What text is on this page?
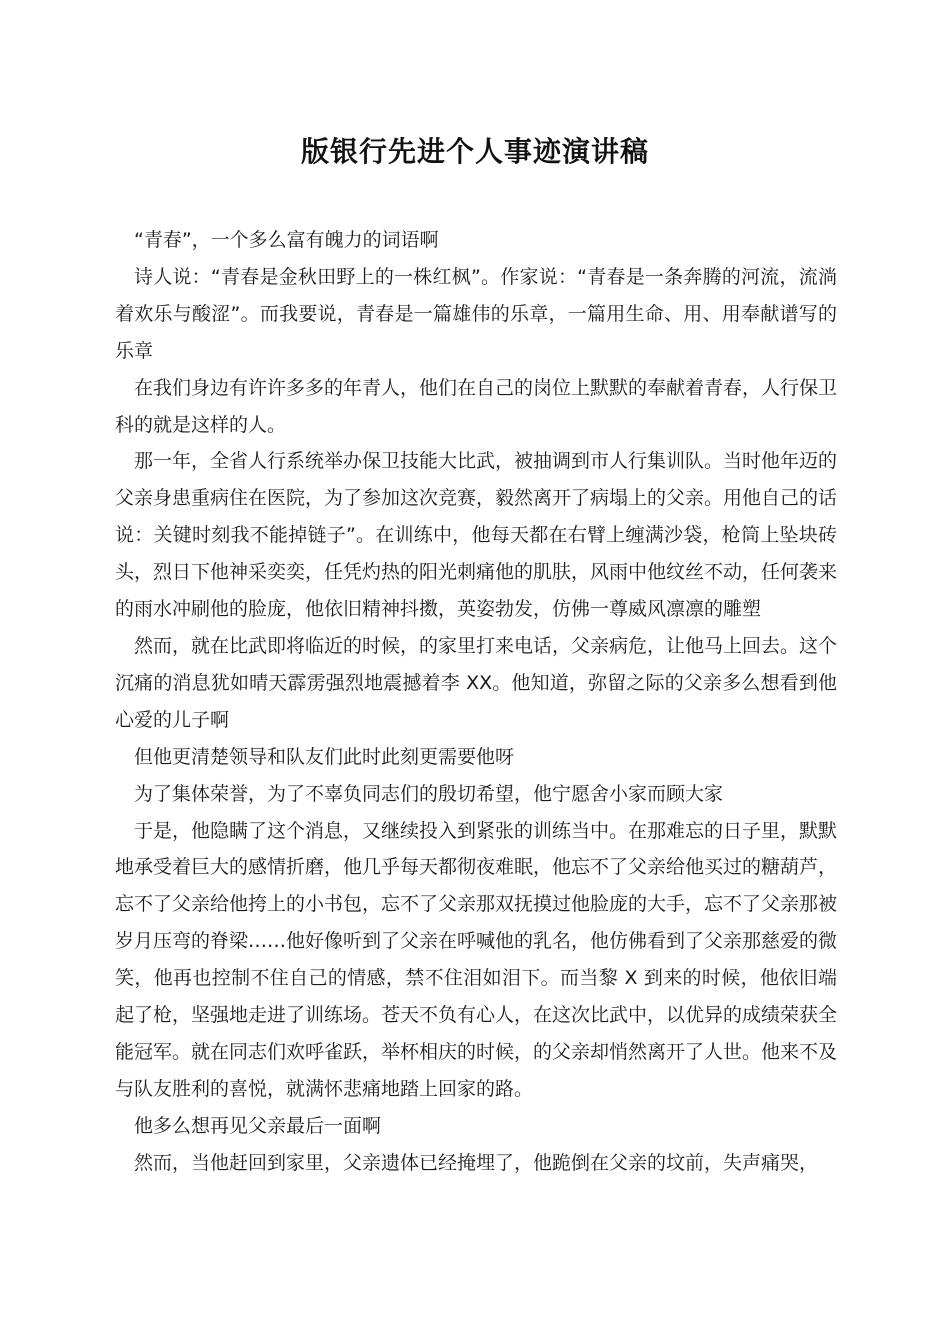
版银行先进个人事迹演讲稿

“青春”，一个多么富有魄力的词语啊

诗人说：“青春是金秋田野上的一株红枫”。作家说：“青春是一条奔腾的河流，流淌着欢乐与酸涩”。而我要说，青春是一篇雄伟的乐章，一篇用生命、用、用奉献谱写的乐章

在我们身边有许许多多的年青人，他们在自己的岗位上默默的奉献着青春，人行保卫科的就是这样的人。

那一年，全省人行系统举办保卫技能大比武，被抽调到市人行集训队。当时他年迈的父亲身患重病住在医院，为了参加这次竞赛，毅然离开了病塌上的父亲。用他自己的话说：关键时刻我不能掉链子”。在训练中，他每天都在右臂上缠满沙袋，枪筒上坠块砖头，烈日下他神采奕奕，任凭灼热的阳光刺痛他的肌肤，风雨中他纹丝不动，任何袭来的雨水冲刷他的脸庞，他依旧精神抖擞，英姿勃发，仿佛一尊威风凛凛的雕塑

然而，就在比武即将临近的时候，的家里打来电话，父亲病危，让他马上回去。这个沉痛的消息犹如晴天霹雳强烈地震撼着李 XX。他知道，弥留之际的父亲多么想看到他心爱的儿子啊

但他更清楚领导和队友们此时此刻更需要他呀

为了集体荣誉，为了不辜负同志们的殷切希望，他宁愿舍小家而顾大家

于是，他隐瞒了这个消息，又继续投入到紧张的训练当中。在那难忘的日子里，默默地承受着巨大的感情折磨，他几乎每天都彻夜难眠，他忘不了父亲给他买过的糖葫芦，忘不了父亲给他挎上的小书包，忘不了父亲那双抚摸过他脸庞的大手，忘不了父亲那被岁月压弯的脊梁……他好像听到了父亲在呼喊他的乳名，他仿佛看到了父亲那慈爱的微笑，他再也控制不住自己的情感，禁不住泪如泪下。而当黎 X 到来的时候，他依旧端起了枪，坚强地走进了训练场。苍天不负有心人，在这次比武中，以优异的成绩荣获全能冠军。就在同志们欢呼雀跃，举杯相庆的时候，的父亲却悄然离开了人世。他来不及与队友胜利的喜悦，就满怀悲痛地踏上回家的路。

他多么想再见父亲最后一面啊

然而，当他赶回到家里，父亲遗体已经掩埋了，他跪倒在父亲的坟前，失声痛哭，
